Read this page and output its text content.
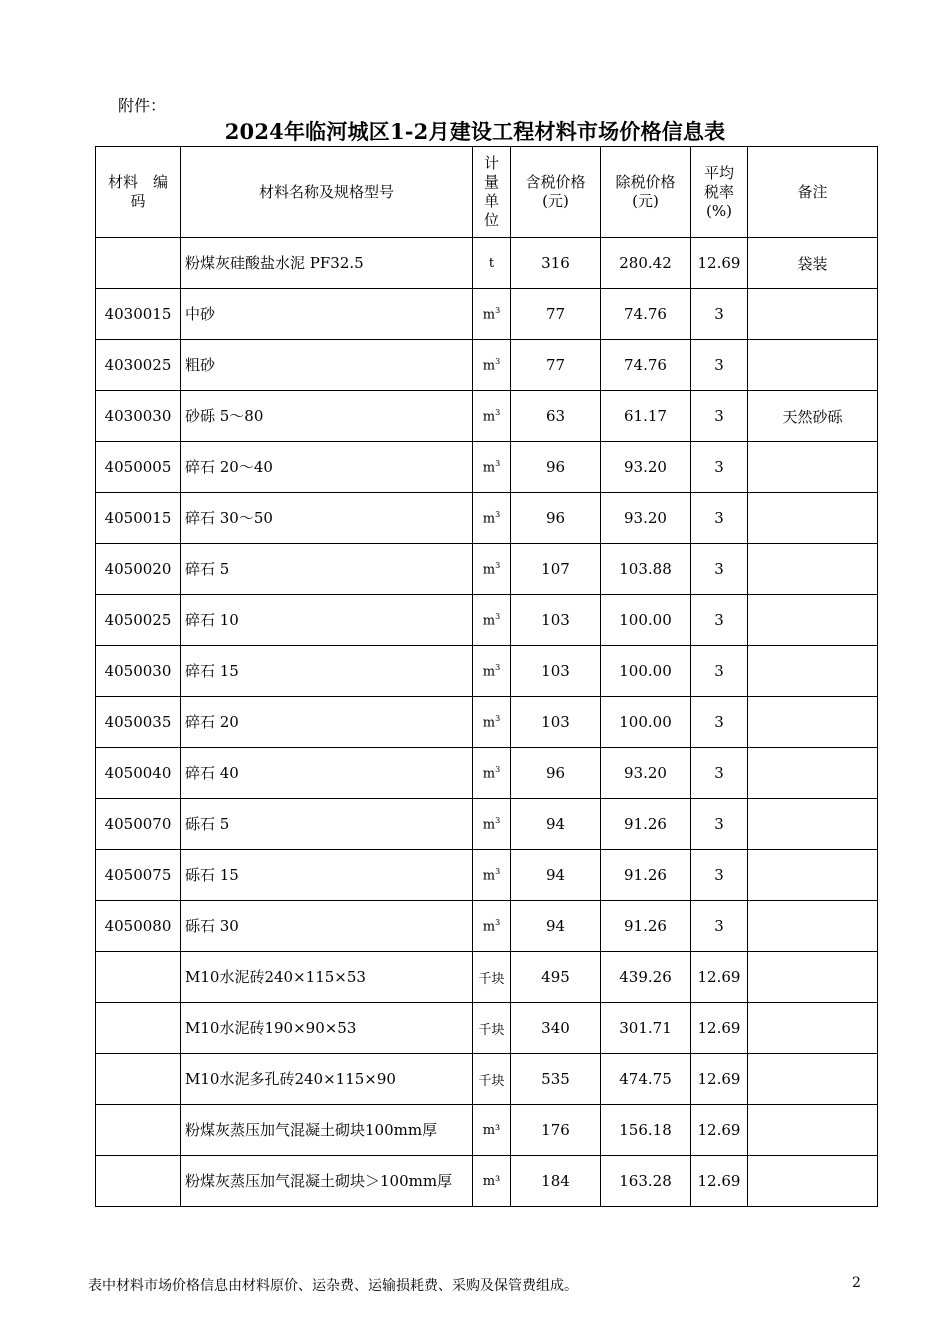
附件：
2024年临河城区1-2月建设工程材料市场价格信息表
材料　编码	材料名称及规格型号	计量单位	含税价格(元)	除税价格(元)	平均税率(%)	备注
	粉煤灰硅酸盐水泥 PF32.5	t	316	280.42	12.69	袋装
4030015	中砂	$m^3$	77	74.76	3	
4030025	粗砂	$m^3$	77	74.76	3	
4030030	砂砾 5～80	$m^3$	63	61.17	3	天然砂砾
4050005	碎石 20～40	$m^3$	96	93.20	3	
4050015	碎石 30～50	$m^3$	96	93.20	3	
4050020	碎石 5	$m^3$	107	103.88	3	
4050025	碎石 10	$m^3$	103	100.00	3	
4050030	碎石 15	$m^3$	103	100.00	3	
4050035	碎石 20	$m^3$	103	100.00	3	
4050040	碎石 40	$m^3$	96	93.20	3	
4050070	砾石 5	$m^3$	94	91.26	3	
4050075	砾石 15	$m^3$	94	91.26	3	
4050080	砾石 30	$m^3$	94	91.26	3	
	M10水泥砖240×115×53	千块	495	439.26	12.69	
	M10水泥砖190×90×53	千块	340	301.71	12.69	
	M10水泥多孔砖240×115×90	千块	535	474.75	12.69	
	粉煤灰蒸压加气混凝土砌块100mm厚	m³	176	156.18	12.69	
	粉煤灰蒸压加气混凝土砌块＞100mm厚	m³	184	163.28	12.69	
表中材料市场价格信息由材料原价、运杂费、运输损耗费、采购及保管费组成。	2
